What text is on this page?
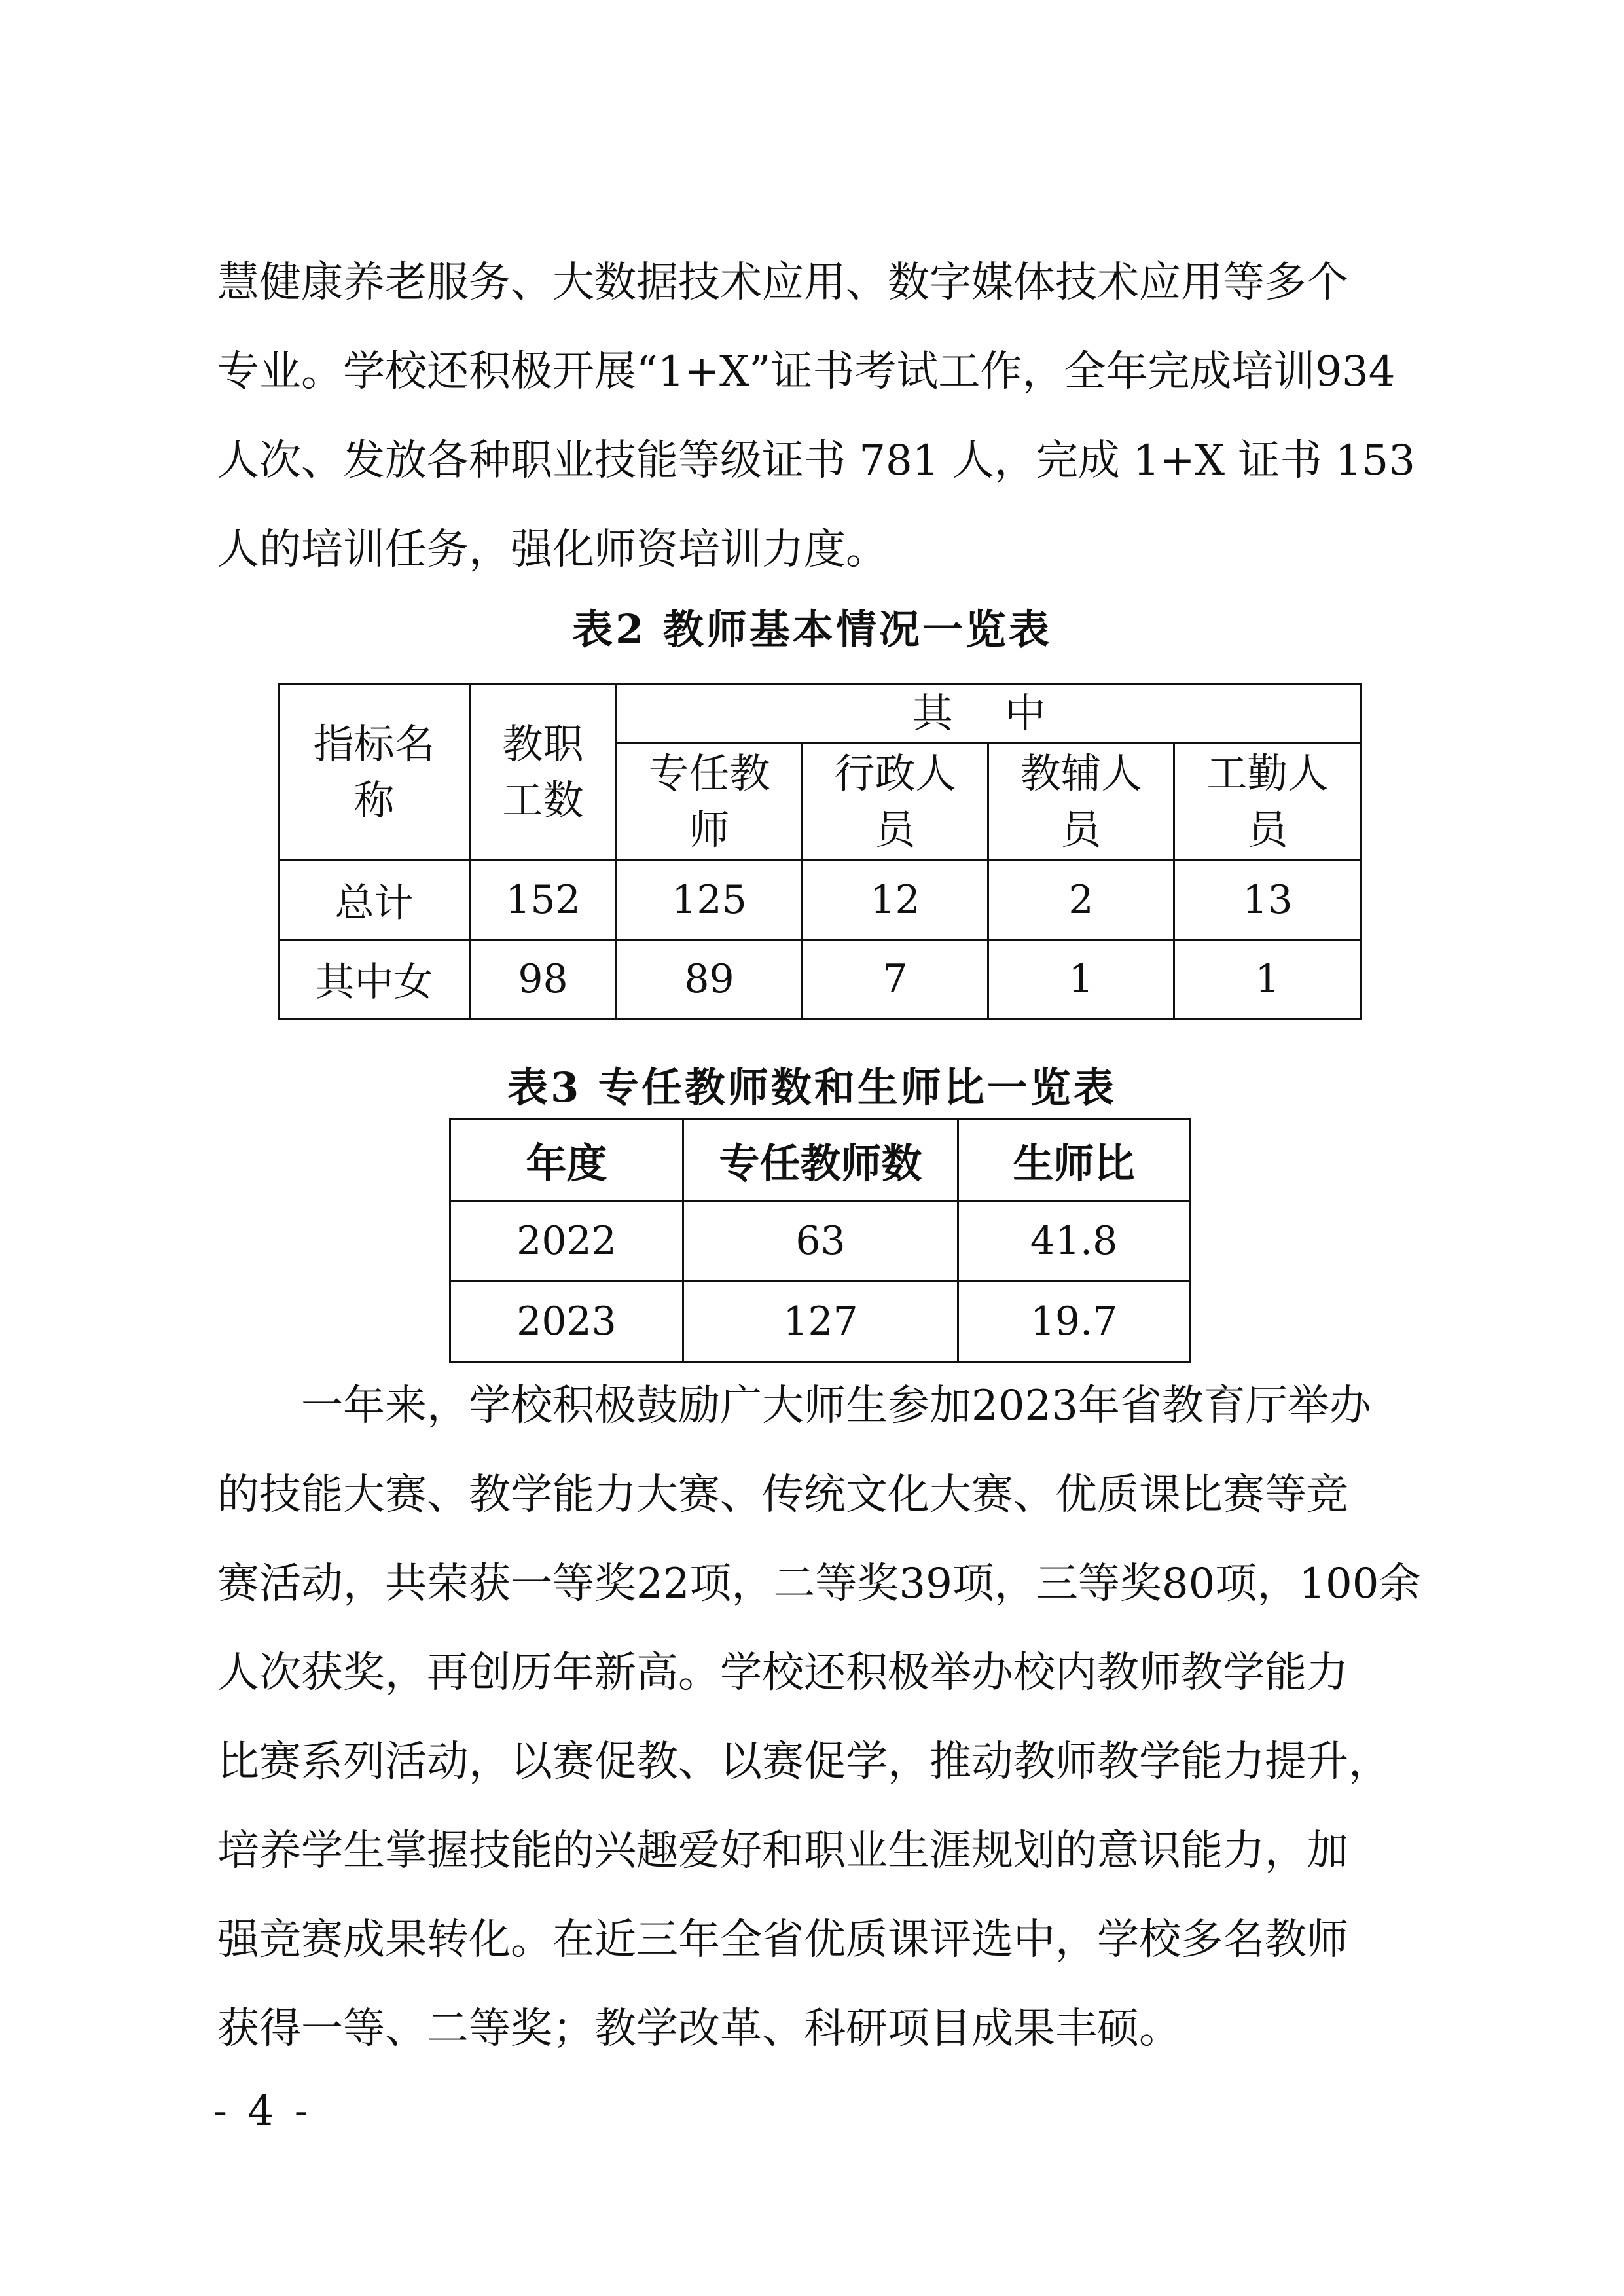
慧健康养老服务、大数据技术应用、数字媒体技术应用等多个
专业。学校还积极开展“1+X”证书考试工作，全年完成培训934
人次、发放各种职业技能等级证书 781 人，完成 1+X 证书 153
人的培训任务，强化师资培训力度。
表2 教师基本情况一览表
指标名称	教职工数	其 中			
		专任教师	行政人员	教辅人员	工勤人员
总计	152	125	12	2	13
其中女	98	89	7	1	1
表3 专任教师数和生师比一览表
年度	专任教师数	生师比
2022	63	41.8
2023	127	19.7
　　一年来，学校积极鼓励广大师生参加2023年省教育厅举办
的技能大赛、教学能力大赛、传统文化大赛、优质课比赛等竞
赛活动，共荣获一等奖22项，二等奖39项，三等奖80项，100余
人次获奖，再创历年新高。学校还积极举办校内教师教学能力
比赛系列活动，以赛促教、以赛促学，推动教师教学能力提升，
培养学生掌握技能的兴趣爱好和职业生涯规划的意识能力，加
强竞赛成果转化。在近三年全省优质课评选中，学校多名教师
获得一等、二等奖；教学改革、科研项目成果丰硕。
- 4 -
